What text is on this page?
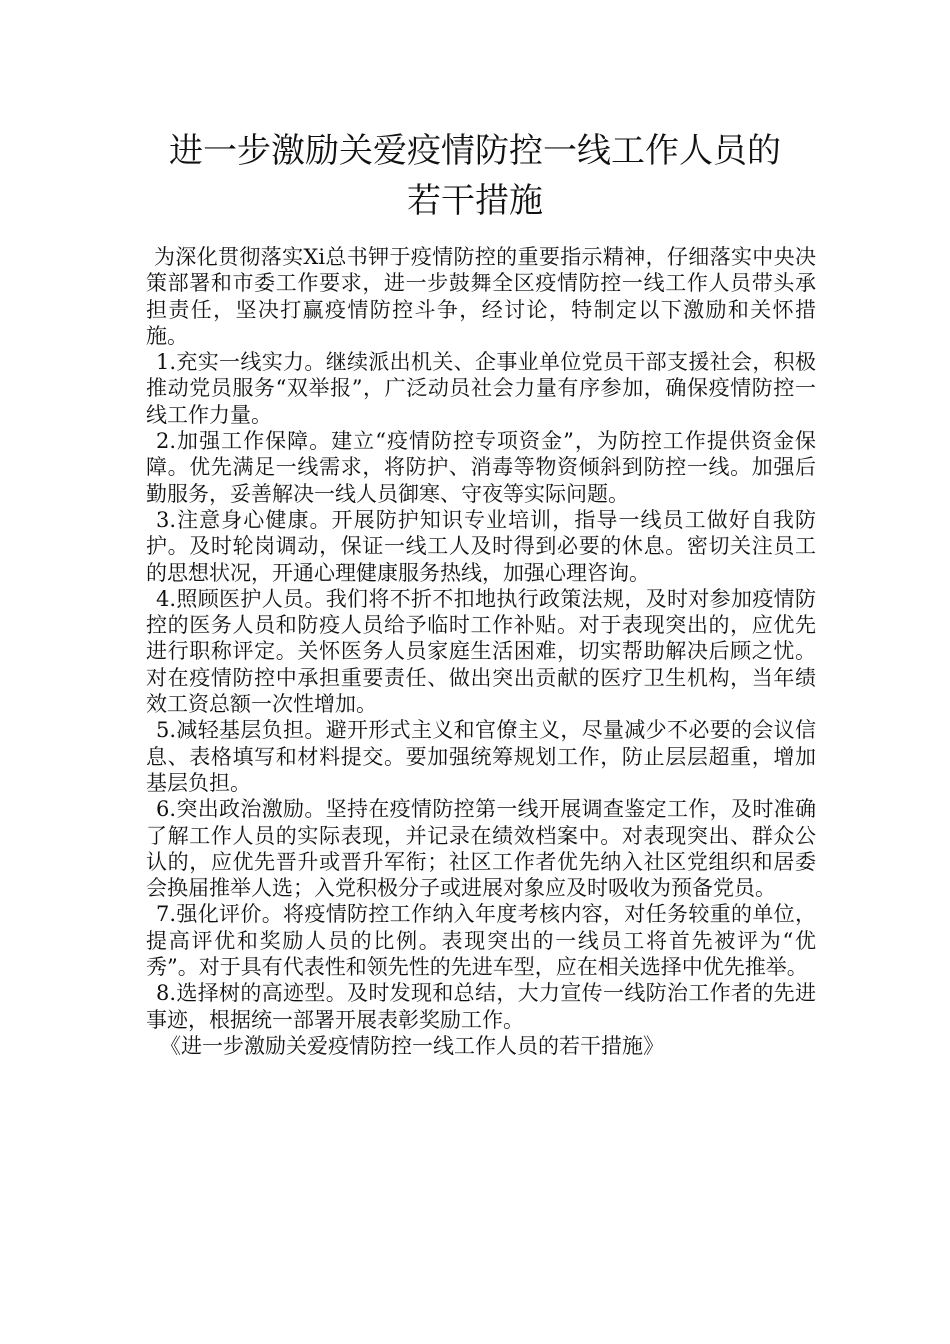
进一步激励关爱疫情防控一线工作人员的
若干措施

为深化贯彻落实Xi总书钾于疫情防控的重要指示精神，仔细落实中央决策部署和市委工作要求，进一步鼓舞全区疫情防控一线工作人员带头承担责任，坚决打赢疫情防控斗争，经讨论，特制定以下激励和关怀措施。

1.充实一线实力。继续派出机关、企事业单位党员干部支援社会，积极推动党员服务“双举报”，广泛动员社会力量有序参加，确保疫情防控一线工作力量。

2.加强工作保障。建立“疫情防控专项资金”，为防控工作提供资金保障。优先满足一线需求，将防护、消毒等物资倾斜到防控一线。加强后勤服务，妥善解决一线人员御寒、守夜等实际问题。

3.注意身心健康。开展防护知识专业培训，指导一线员工做好自我防护。及时轮岗调动，保证一线工人及时得到必要的休息。密切关注员工的思想状况，开通心理健康服务热线，加强心理咨询。

4.照顾医护人员。我们将不折不扣地执行政策法规，及时对参加疫情防控的医务人员和防疫人员给予临时工作补贴。对于表现突出的，应优先进行职称评定。关怀医务人员家庭生活困难，切实帮助解决后顾之忧。对在疫情防控中承担重要责任、做出突出贡献的医疗卫生机构，当年绩效工资总额一次性增加。

5.减轻基层负担。避开形式主义和官僚主义，尽量减少不必要的会议信息、表格填写和材料提交。要加强统筹规划工作，防止层层超重，增加基层负担。

6.突出政治激励。坚持在疫情防控第一线开展调查鉴定工作，及时准确了解工作人员的实际表现，并记录在绩效档案中。对表现突出、群众公认的，应优先晋升或晋升军衔；社区工作者优先纳入社区党组织和居委会换届推举人选；入党积极分子或进展对象应及时吸收为预备党员。

7.强化评价。将疫情防控工作纳入年度考核内容，对任务较重的单位，提高评优和奖励人员的比例。表现突出的一线员工将首先被评为“优秀”。对于具有代表性和领先性的先进车型，应在相关选择中优先推举。

8.选择树的高迹型。及时发现和总结，大力宣传一线防治工作者的先进事迹，根据统一部署开展表彰奖励工作。

《进一步激励关爱疫情防控一线工作人员的若干措施》
